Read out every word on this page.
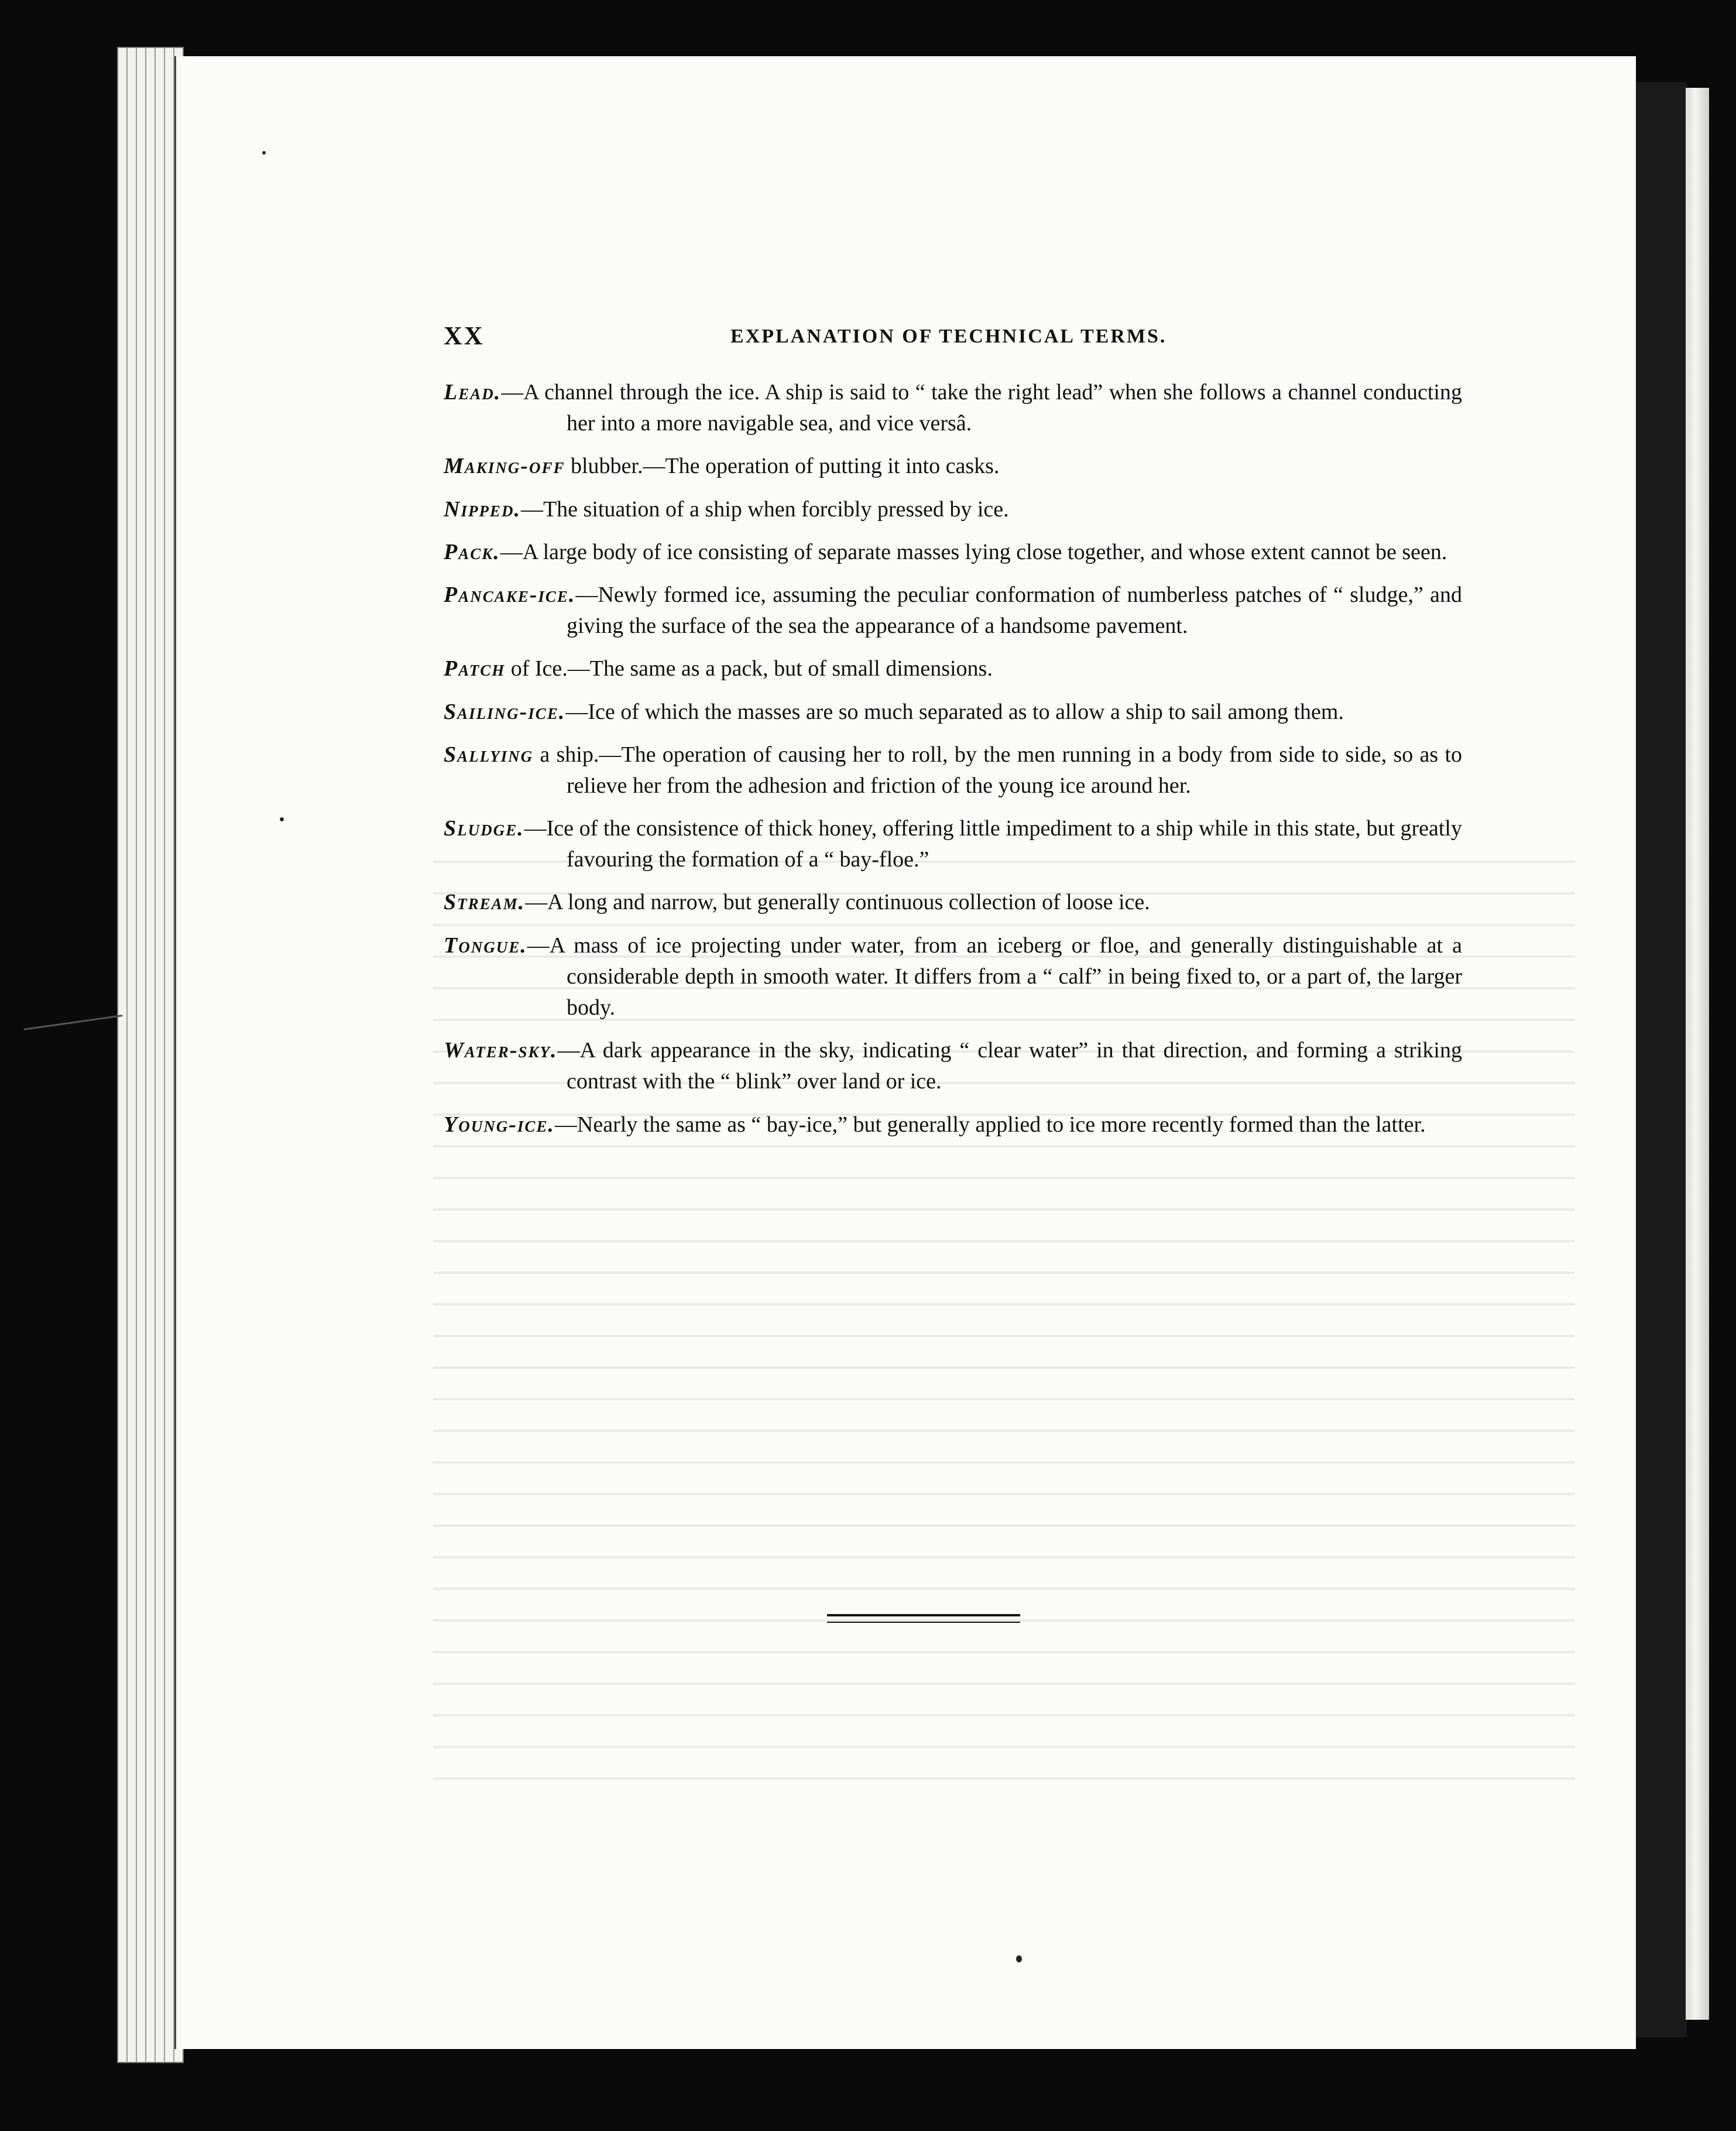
XX	EXPLANATION OF TECHNICAL TERMS.

Lead.—A channel through the ice. A ship is said to “ take the right lead” when she follows a channel conducting her into a more navigable sea, and vice versâ.

Making-off blubber.—The operation of putting it into casks.

Nipped.—The situation of a ship when forcibly pressed by ice.

Pack.—A large body of ice consisting of separate masses lying close together, and whose extent cannot be seen.

Pancake-ice.—Newly formed ice, assuming the peculiar conformation of numberless patches of “ sludge,” and giving the surface of the sea the appearance of a handsome pavement.

Patch of Ice.—The same as a pack, but of small dimensions.

Sailing-ice.—Ice of which the masses are so much separated as to allow a ship to sail among them.

Sallying a ship.—The operation of causing her to roll, by the men running in a body from side to side, so as to relieve her from the adhesion and friction of the young ice around her.

Sludge.—Ice of the consistence of thick honey, offering little impediment to a ship while in this state, but greatly favouring the formation of a “ bay-floe.”

Stream.—A long and narrow, but generally continuous collection of loose ice.

Tongue.—A mass of ice projecting under water, from an iceberg or floe, and generally distinguishable at a considerable depth in smooth water. It differs from a “ calf” in being fixed to, or a part of, the larger body.

Water-sky.—A dark appearance in the sky, indicating “ clear water” in that direction, and forming a striking contrast with the “ blink” over land or ice.

Young-ice.—Nearly the same as “ bay-ice,” but generally applied to ice more recently formed than the latter.
